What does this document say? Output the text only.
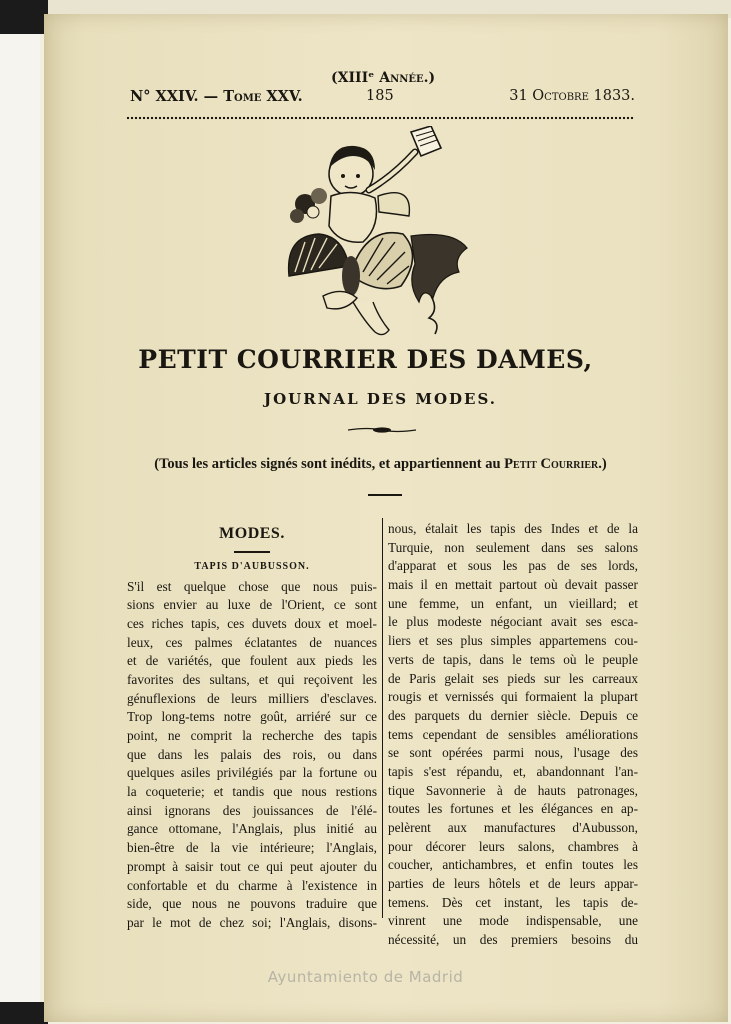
(XIIIᵉ Année.)
N° XXIV. — Tome XXV.	185	31 Octobre 1833.
PETIT COURRIER DES DAMES,
JOURNAL DES MODES.
(Tous les articles signés sont inédits, et appartiennent au Petit Courrier.)
MODES.
TAPIS D'AUBUSSON.
S'il est quelque chose que nous puis-
sions envier au luxe de l'Orient, ce sont
ces riches tapis, ces duvets doux et moel-
leux, ces palmes éclatantes de nuances
et de variétés, que foulent aux pieds les
favorites des sultans, et qui reçoivent les
génuflexions de leurs milliers d'esclaves.
Trop long-tems notre goût, arriéré sur ce
point, ne comprit la recherche des tapis
que dans les palais des rois, ou dans
quelques asiles privilégiés par la fortune ou
la coqueterie; et tandis que nous restions
ainsi ignorans des jouissances de l'élé-
gance ottomane, l'Anglais, plus initié au
bien-être de la vie intérieure; l'Anglais,
prompt à saisir tout ce qui peut ajouter du
confortable et du charme à l'existence in
side, que nous ne pouvons traduire que
par le mot de chez soi; l'Anglais, disons-
nous, étalait les tapis des Indes et de la
Turquie, non seulement dans ses salons
d'apparat et sous les pas de ses lords,
mais il en mettait partout où devait passer
une femme, un enfant, un vieillard; et
le plus modeste négociant avait ses esca-
liers et ses plus simples appartemens cou-
verts de tapis, dans le tems où le peuple
de Paris gelait ses pieds sur les carreaux
rougis et vernissés qui formaient la plupart
des parquets du dernier siècle. Depuis ce
tems cependant de sensibles améliorations
se sont opérées parmi nous, l'usage des
tapis s'est répandu, et, abandonnant l'an-
tique Savonnerie à de hauts patronages,
toutes les fortunes et les élégances en ap-
pelèrent aux manufactures d'Aubusson,
pour décorer leurs salons, chambres à
coucher, antichambres, et enfin toutes les
parties de leurs hôtels et de leurs appar-
temens. Dès cet instant, les tapis de-
vinrent une mode indispensable, une
nécessité, un des premiers besoins du
Ayuntamiento de Madrid
